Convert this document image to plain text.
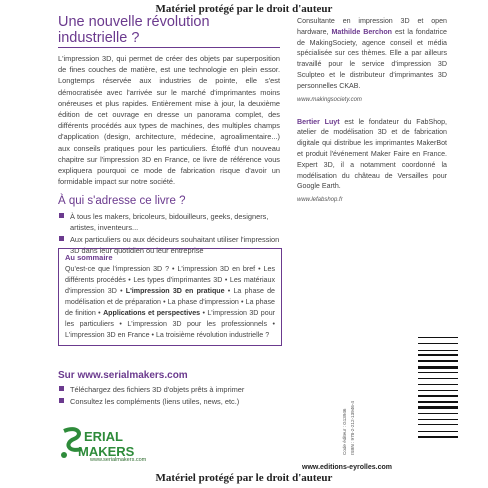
Matériel protégé par le droit d'auteur
Une nouvelle révolution industrielle ?

L'impression 3D, qui permet de créer des objets par superposition de fines couches de matière, est une technologie en plein essor. Longtemps réservée aux industries de pointe, elle s'est démocratisée avec l'arrivée sur le marché d'imprimantes moins onéreuses et plus rapides. Entièrement mise à jour, la deuxième édition de cet ouvrage en dresse un panorama complet, des différents procédés aux types de machines, des multiples champs d'application (design, architecture, médecine, agroalimentaire...) aux conseils pratiques pour les particuliers. Étoffé d'un nouveau chapitre sur l'impression 3D en France, ce livre de référence vous expliquera pourquoi ce mode de fabrication risque d'avoir un formidable impact sur notre société.

À qui s'adresse ce livre ?
À tous les makers, bricoleurs, bidouilleurs, geeks, designers, artistes, inventeurs...
Aux particuliers ou aux décideurs souhaitant utiliser l'impression 3D dans leur quotidien ou leur entreprise
Au sommaire
Qu'est-ce que l'impression 3D ? • L'impression 3D en bref • Les différents procédés • Les types d'imprimantes 3D • Les matériaux d'impression 3D • L'impression 3D en pratique • La phase de modélisation et de préparation • La phase d'impression • La phase de finition • Applications et perspectives • L'impression 3D pour les particuliers • L'impression 3D pour les professionnels • L'impression 3D en France • La troisième révolution industrielle ?
Sur www.serialmakers.com
Téléchargez des fichiers 3D d'objets prêts à imprimer
Consultez les compléments (liens utiles, news, etc.)

Consultante en impression 3D et open hardware, Mathilde Berchon est la fondatrice de MakingSociety, agence conseil et média spécialisée sur ces thèmes. Elle a par ailleurs travaillé pour le service d'impression 3D Sculpteo et le distributeur d'imprimantes 3D personnelles CKAB.

www.makingsociety.com

Bertier Luyt est le fondateur du FabShop, atelier de modélisation 3D et de fabrication digitale qui distribue les imprimantes MakerBot et produit l'événement Maker Faire en France. Expert 3D, il a notamment coordonné la modélisation du château de Versailles pour Google Earth.

www.lefabshop.fr
ERIAL
MAKERS
www.serialmakers.com
Code éditeur : G13946 ISBN : 978-2-212-13946-4
www.editions-eyrolles.com
Matériel protégé par le droit d'auteur
